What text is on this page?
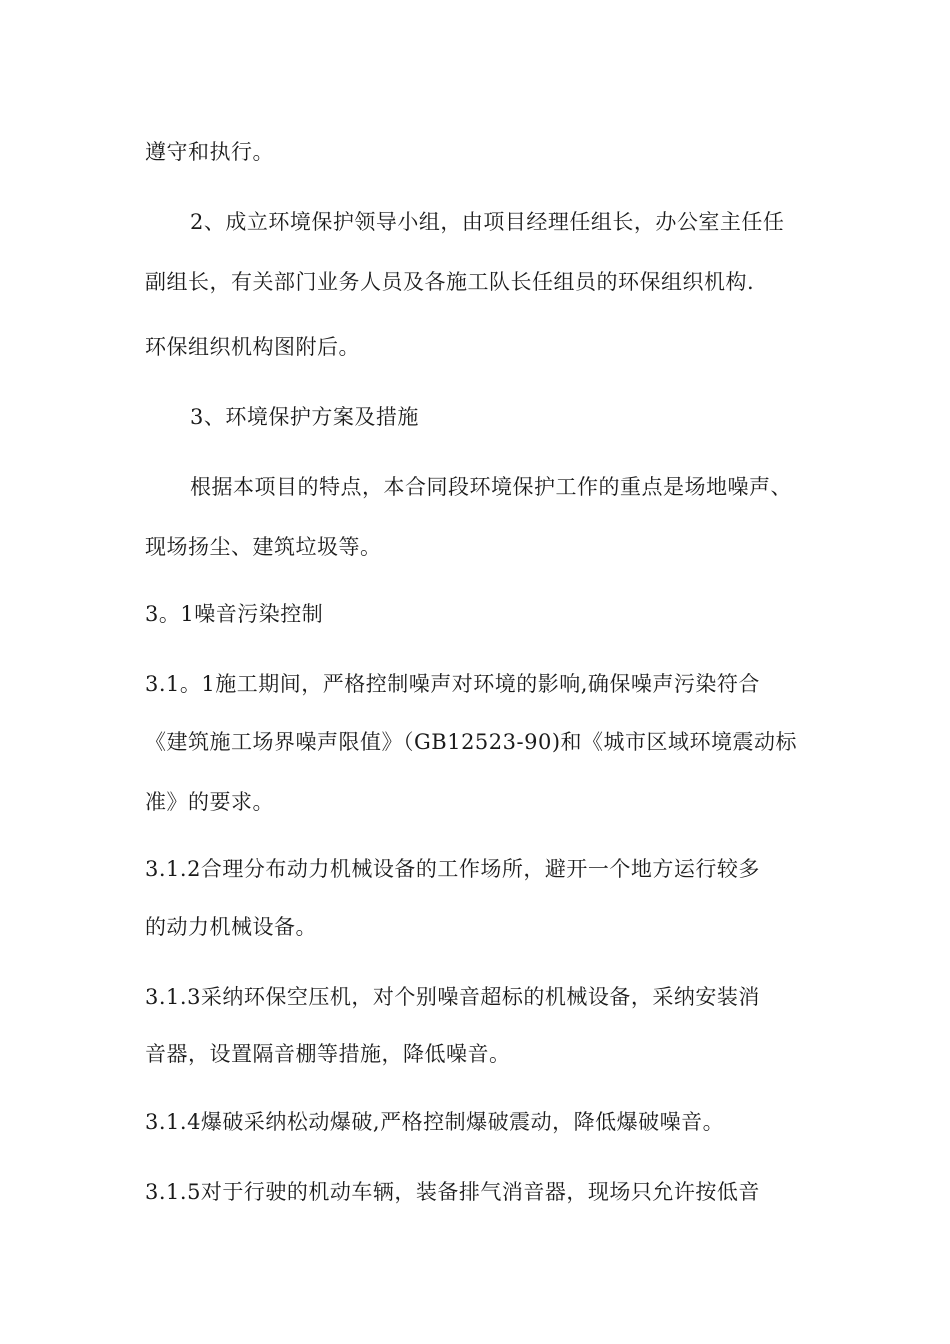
遵守和执行。
2、成立环境保护领导小组，由项目经理任组长，办公室主任任
副组长，有关部门业务人员及各施工队长任组员的环保组织机构.
环保组织机构图附后。
3、环境保护方案及措施
根据本项目的特点，本合同段环境保护工作的重点是场地噪声、
现场扬尘、建筑垃圾等。
3。1噪音污染控制
3.1。1施工期间，严格控制噪声对环境的影响,确保噪声污染符合
《建筑施工场界噪声限值》（GB12523-90)和《城市区域环境震动标
准》的要求。
3.1.2合理分布动力机械设备的工作场所，避开一个地方运行较多
的动力机械设备。
3.1.3采纳环保空压机，对个别噪音超标的机械设备，采纳安装消
音器，设置隔音棚等措施，降低噪音。
3.1.4爆破采纳松动爆破,严格控制爆破震动，降低爆破噪音。
3.1.5对于行驶的机动车辆，装备排气消音器，现场只允许按低音
